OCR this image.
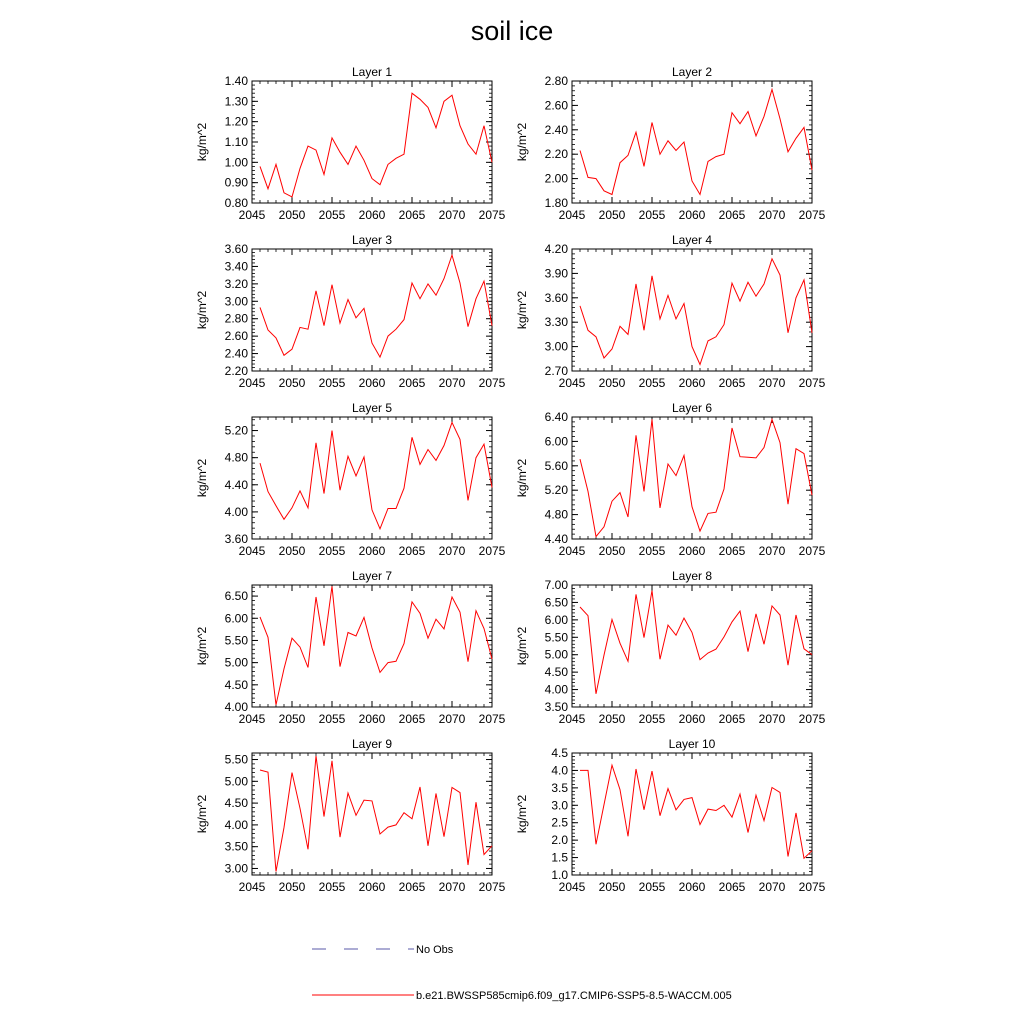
soil ice
Layer 1
0.80
0.90
1.00
1.10
1.20
1.30
1.40
2045 2050 2055 2060 2065 2070 2075
kg/m^2
Layer 2
1.80
2.00
2.20
2.40
2.60
2.80
2045 2050 2055 2060 2065 2070 2075
kg/m^2
Layer 3
2.20
2.40
2.60
2.80
3.00
3.20
3.40
3.60
2045 2050 2055 2060 2065 2070 2075
kg/m^2
Layer 4
2.70
3.00
3.30
3.60
3.90
4.20
2045 2050 2055 2060 2065 2070 2075
kg/m^2
Layer 5
3.60
4.00
4.40
4.80
5.20
2045 2050 2055 2060 2065 2070 2075
kg/m^2
Layer 6
4.40
4.80
5.20
5.60
6.00
6.40
2045 2050 2055 2060 2065 2070 2075
kg/m^2
Layer 7
4.00
4.50
5.00
5.50
6.00
6.50
2045 2050 2055 2060 2065 2070 2075
kg/m^2
Layer 8
3.50
4.00
4.50
5.00
5.50
6.00
6.50
7.00
2045 2050 2055 2060 2065 2070 2075
kg/m^2
Layer 9
3.00
3.50
4.00
4.50
5.00
5.50
2045 2050 2055 2060 2065 2070 2075
kg/m^2
Layer 10
1.0
1.5
2.0
2.5
3.0
3.5
4.0
4.5
2045 2050 2055 2060 2065 2070 2075
kg/m^2
No Obs
b.e21.BWSSP585cmip6.f09_g17.CMIP6-SSP5-8.5-WACCM.005
